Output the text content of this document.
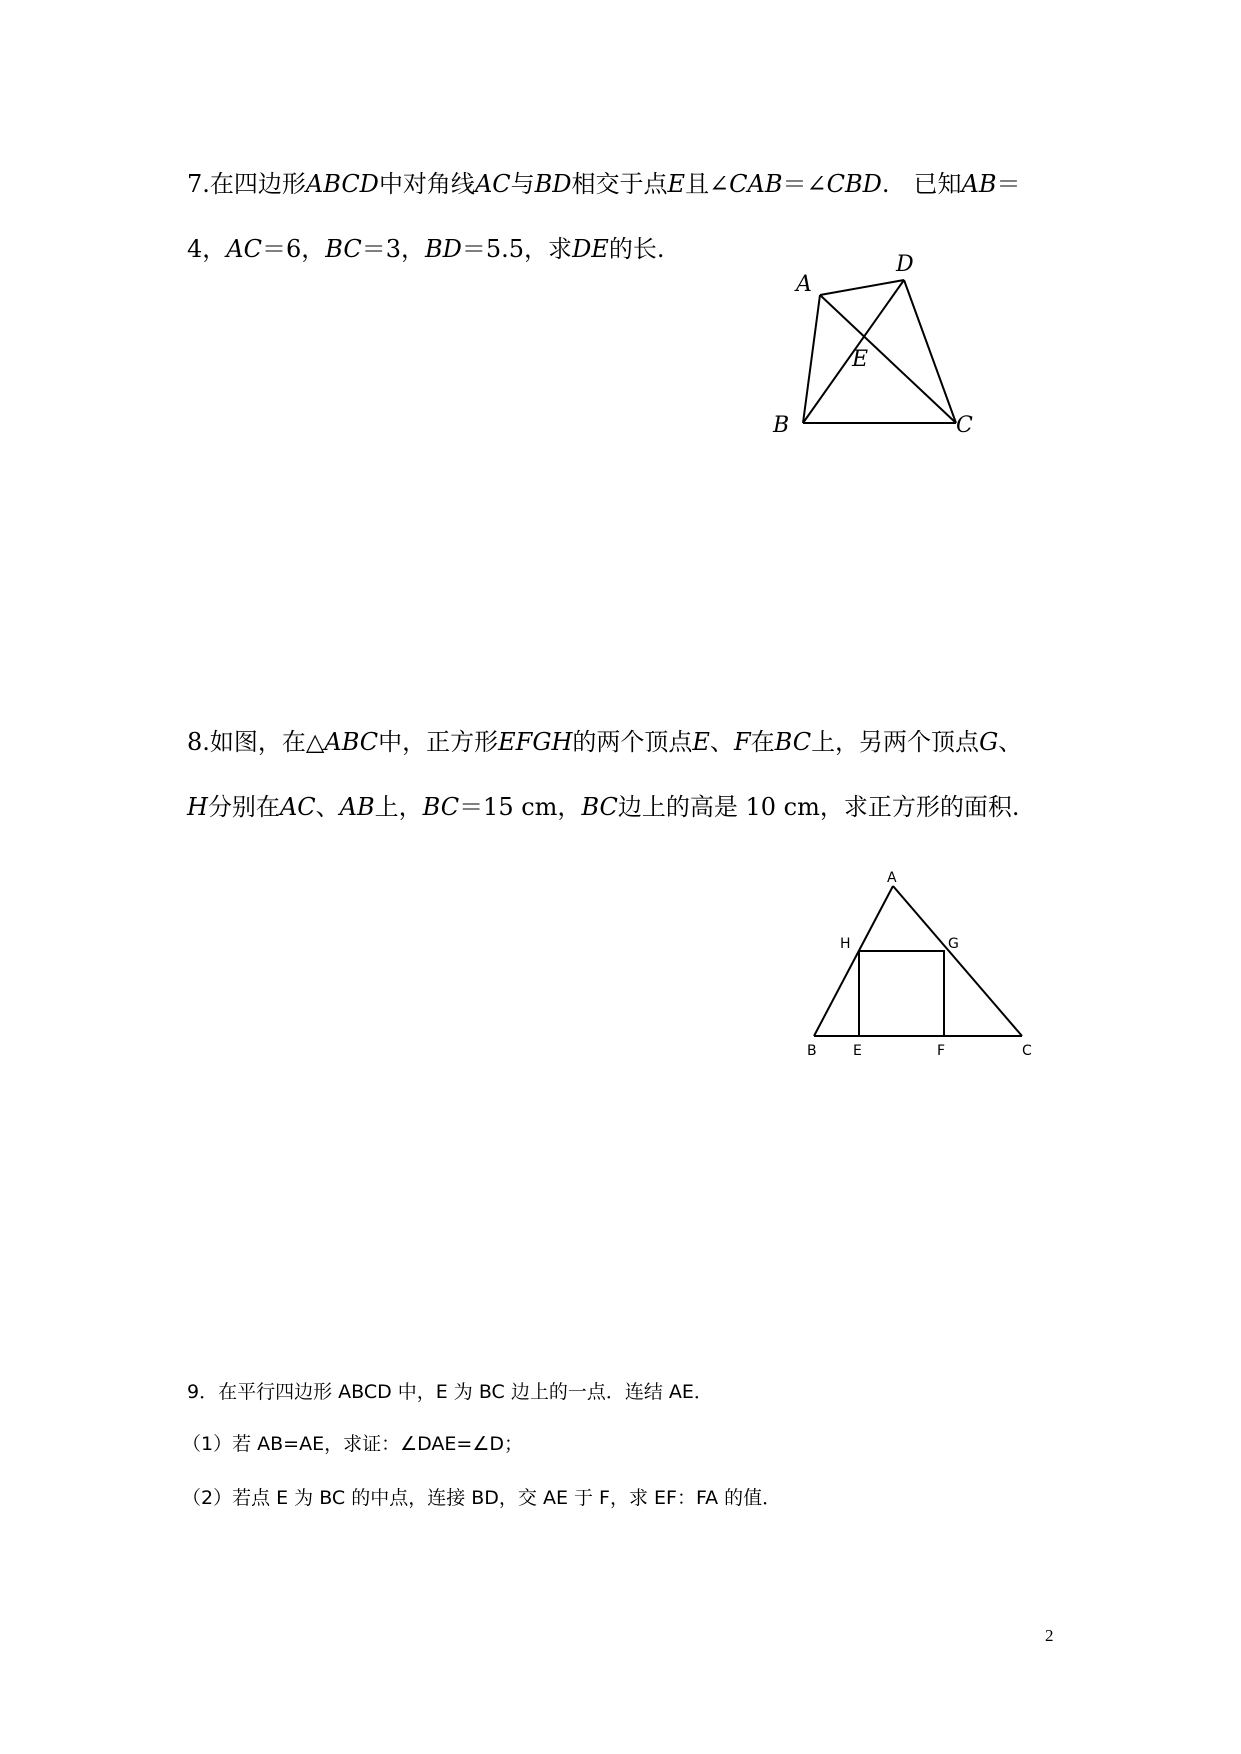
7.在四边形ABCD中对角线AC与BD相交于点E且∠CAB＝∠CBD.　已知AB＝
4，AC＝6，BC＝3，BD＝5.5，求DE的长.
A
B	C
D
E
8.如图，在△ABC中，正方形EFGH的两个顶点E、F在BC上，另两个顶点G、
H分别在AC、AB上，BC＝15 cm，BC边上的高是 10 cm，求正方形的面积.
A
H	G
B	E	F	C
9．在平行四边形 ABCD 中，E 为 BC 边上的一点．连结 AE．
（1）若 AB=AE，求证：∠DAE=∠D；
（2）若点 E 为 BC 的中点，连接 BD，交 AE 于 F，求 EF：FA 的值．
2
